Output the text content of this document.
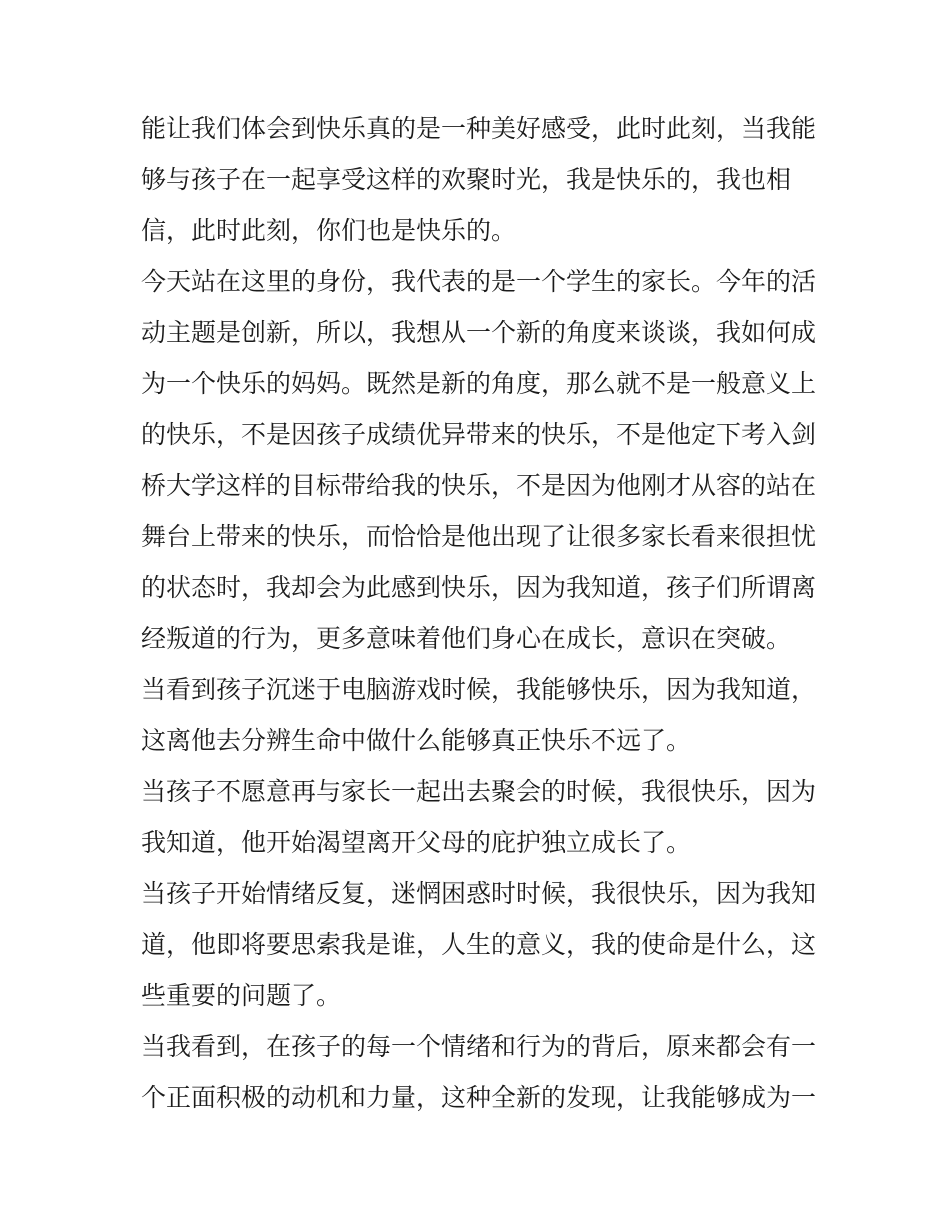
能让我们体会到快乐真的是一种美好感受，此时此刻，当我能
够与孩子在一起享受这样的欢聚时光，我是快乐的，我也相
信，此时此刻，你们也是快乐的。
今天站在这里的身份，我代表的是一个学生的家长。今年的活
动主题是创新，所以，我想从一个新的角度来谈谈，我如何成
为一个快乐的妈妈。既然是新的角度，那么就不是一般意义上
的快乐，不是因孩子成绩优异带来的快乐，不是他定下考入剑
桥大学这样的目标带给我的快乐，不是因为他刚才从容的站在
舞台上带来的快乐，而恰恰是他出现了让很多家长看来很担忧
的状态时，我却会为此感到快乐，因为我知道，孩子们所谓离
经叛道的行为，更多意味着他们身心在成长，意识在突破。
当看到孩子沉迷于电脑游戏时候，我能够快乐，因为我知道，
这离他去分辨生命中做什么能够真正快乐不远了。
当孩子不愿意再与家长一起出去聚会的时候，我很快乐，因为
我知道，他开始渴望离开父母的庇护独立成长了。
当孩子开始情绪反复，迷惘困惑时时候，我很快乐，因为我知
道，他即将要思索我是谁，人生的意义，我的使命是什么，这
些重要的问题了。
当我看到，在孩子的每一个情绪和行为的背后，原来都会有一
个正面积极的动机和力量，这种全新的发现，让我能够成为一
